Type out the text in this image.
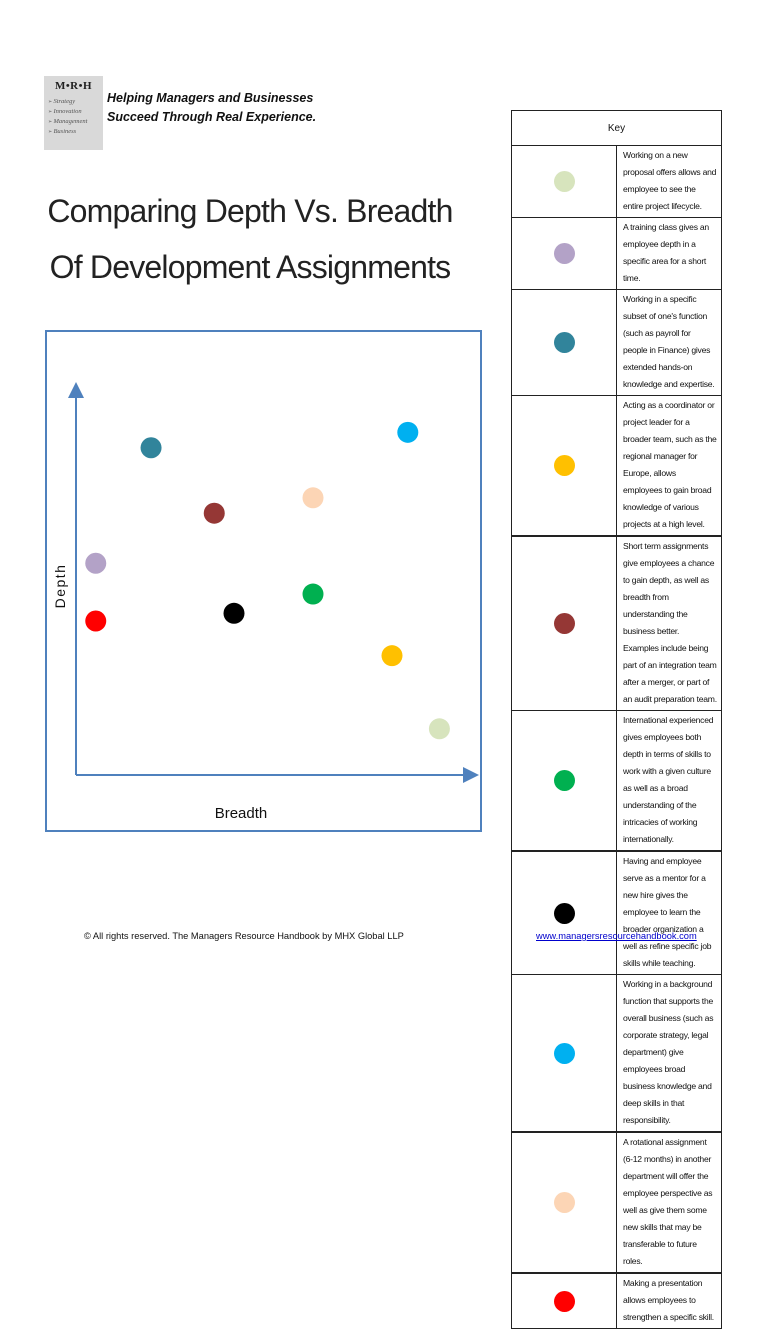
M•R•H
➢ Strategy
➢ Innovation
➢ Management
➢ Business

Helping Managers and Businesses
Succeed Through Real Experience.

Comparing Depth Vs. Breadth Of Development Assignments
Depth
Breadth
Key	
	Working on a new proposal offers allows and employee to see the entire project lifecycle.
	A training class gives an employee depth in a specific area for a short time.
	Working in a specific subset of one's function (such as payroll for people in Finance) gives extended hands-on knowledge and expertise.
	Acting as a coordinator or project leader for a broader team, such as the regional manager for Europe, allows employees to gain broad knowledge of various projects at a high level.
	Short term assignments give employees a chance to gain depth, as well as breadth from understanding the business better. Examples include being part of an integration team after a merger, or part of an audit preparation team.
	International experienced gives employees both depth in terms of skills to work with a given culture as well as a broad understanding of the intricacies of working internationally.
	Having and employee serve as a mentor for a new hire gives the employee to learn the broader organization a well as refine specific job skills while teaching.
	Working in a background function that supports the overall business (such as corporate strategy, legal department) give employees broad business knowledge and deep skills in that responsibility.
	A rotational assignment (6-12 months) in another department will offer the employee perspective as well as give them some new skills that may be transferable to future roles.
	Making a presentation allows employees to strengthen a specific skill.
© All rights reserved. The Managers Resource Handbook by MHX Global LLP	www.managersresourcehandbook.com
